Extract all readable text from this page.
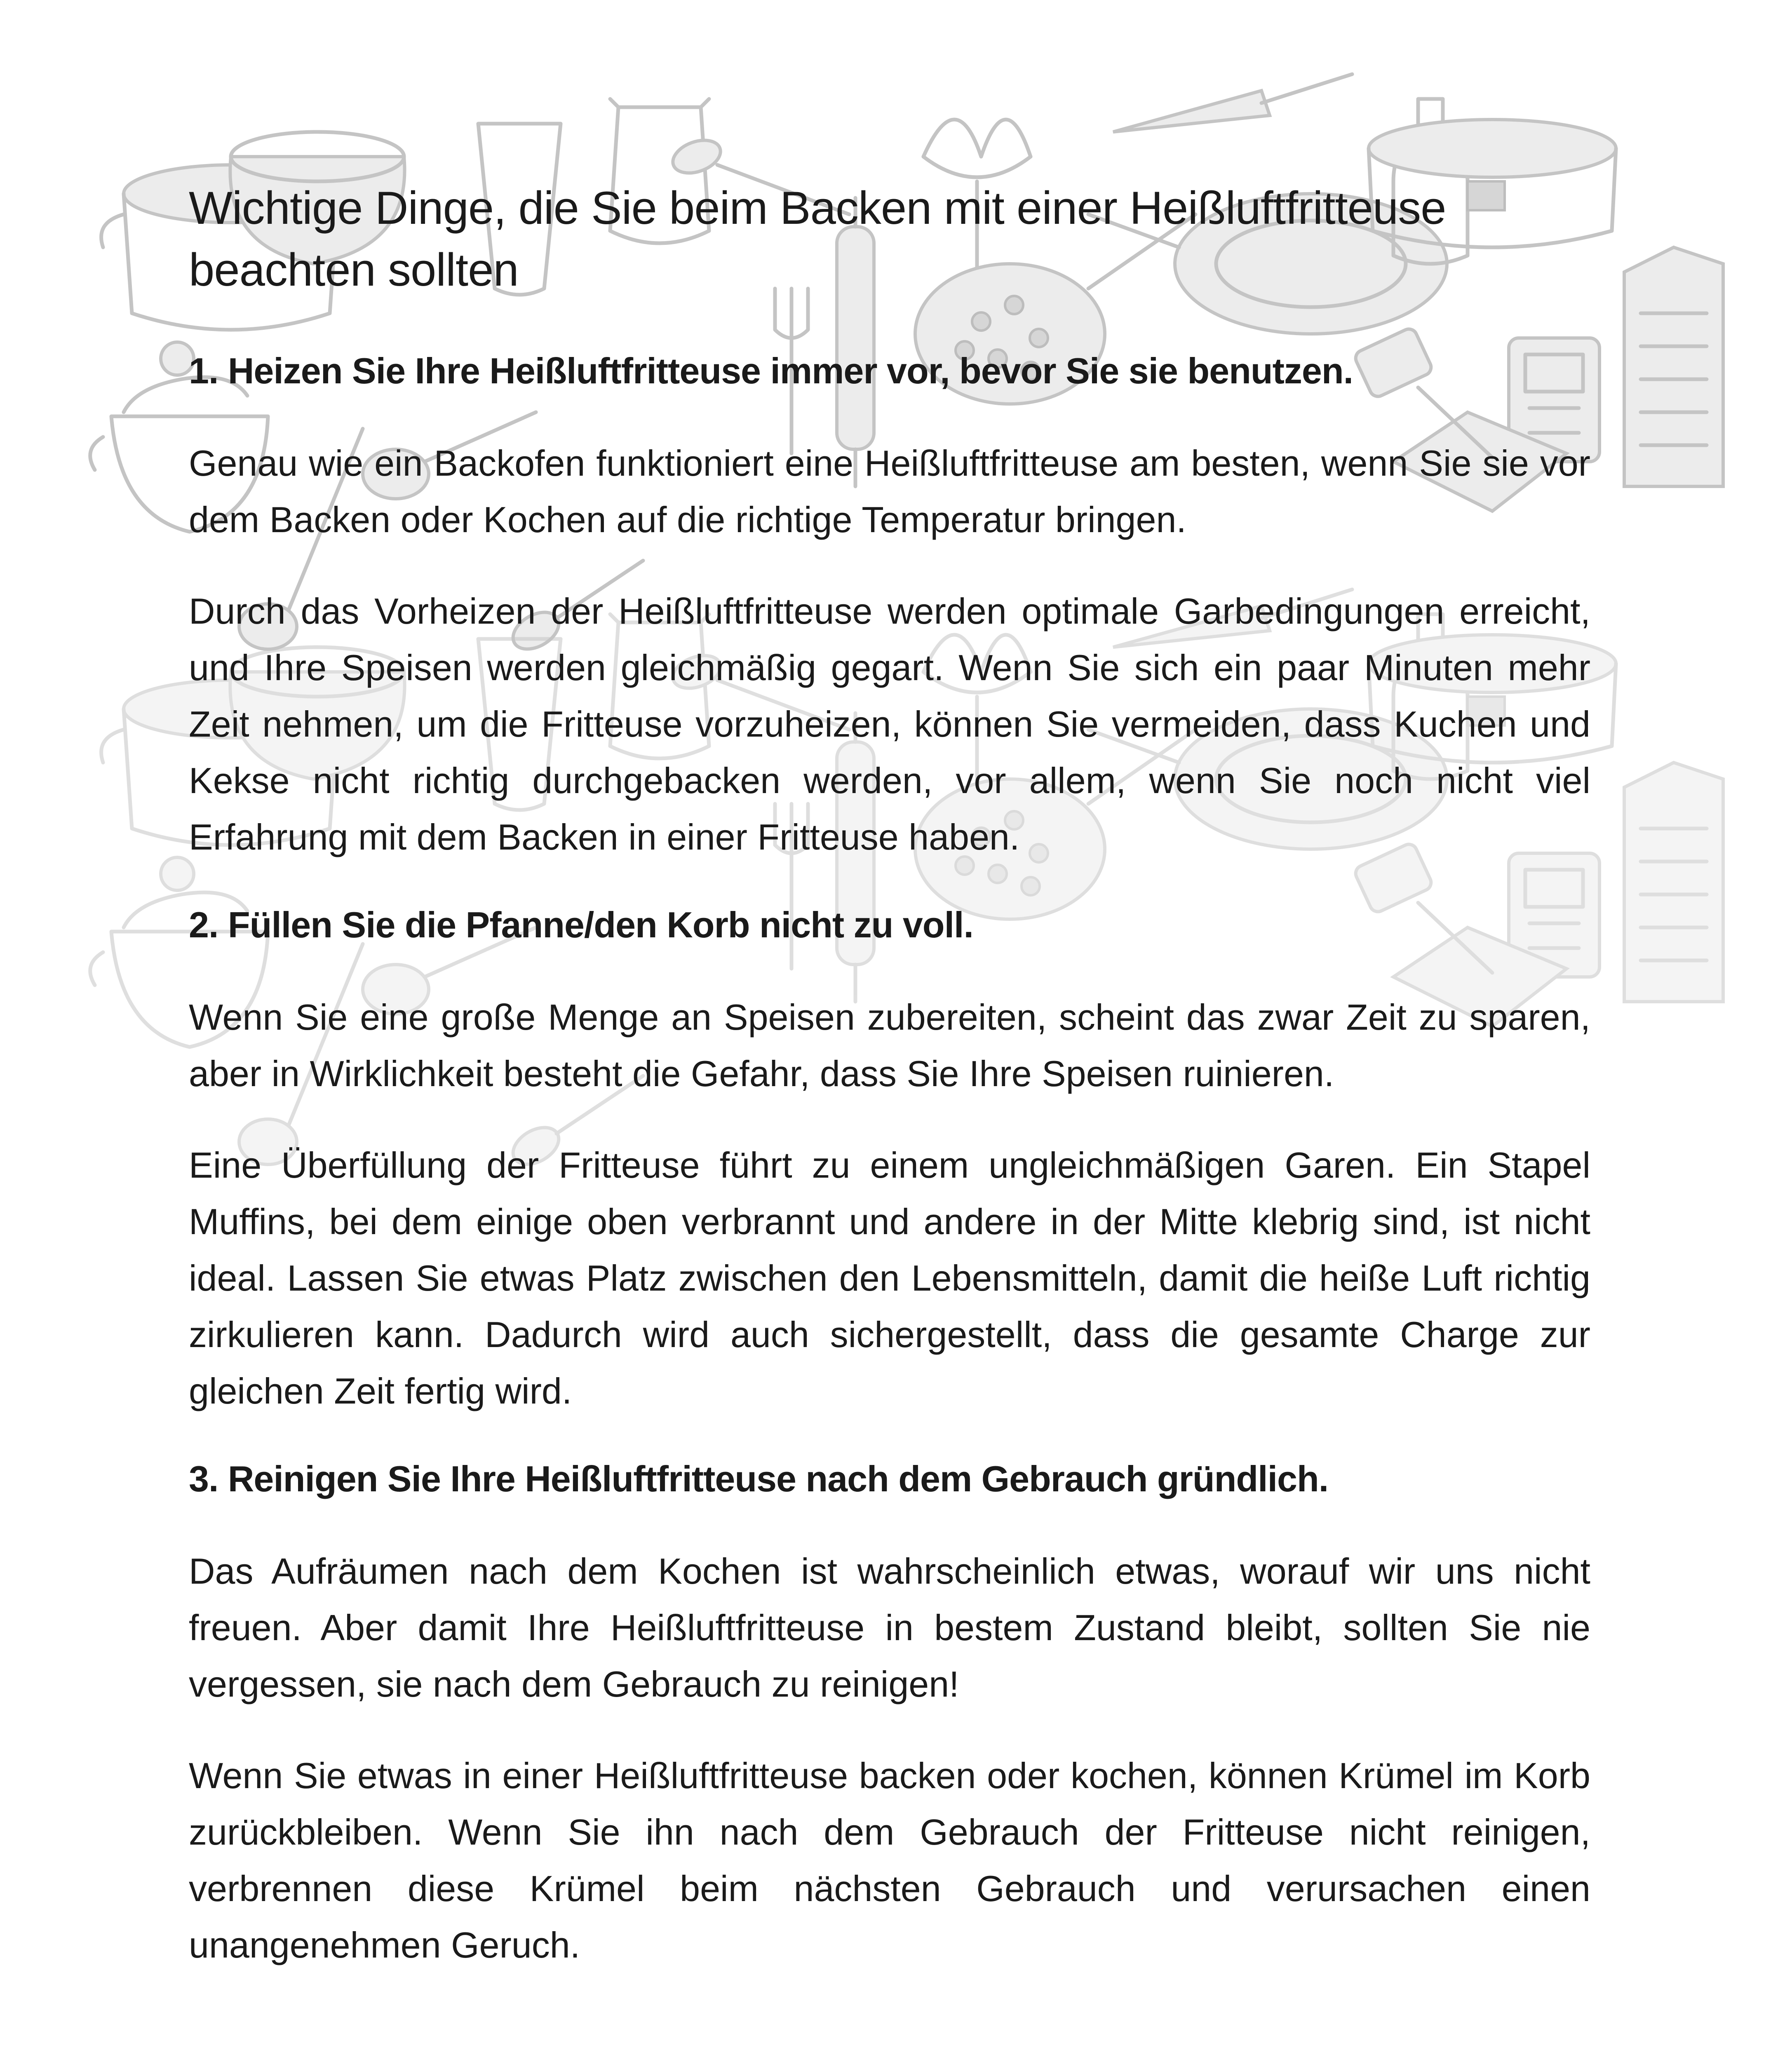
Wichtige Dinge, die Sie beim Backen mit einer Heißluftfritteuse beachten sollten
1. Heizen Sie Ihre Heißluftfritteuse immer vor, bevor Sie sie benutzen.

Genau wie ein Backofen funktioniert eine Heißluftfritteuse am besten, wenn Sie sie vor dem Backen oder Kochen auf die richtige Temperatur bringen.

Durch das Vorheizen der Heißluftfritteuse werden optimale Garbedingungen erreicht, und Ihre Speisen werden gleichmäßig gegart. Wenn Sie sich ein paar Minuten mehr Zeit nehmen, um die Fritteuse vorzuheizen, können Sie vermeiden, dass Kuchen und Kekse nicht richtig durchgebacken werden, vor allem, wenn Sie noch nicht viel Erfahrung mit dem Backen in einer Fritteuse haben.

2. Füllen Sie die Pfanne/den Korb nicht zu voll.

Wenn Sie eine große Menge an Speisen zubereiten, scheint das zwar Zeit zu sparen, aber in Wirklichkeit besteht die Gefahr, dass Sie Ihre Speisen ruinieren.

Eine Überfüllung der Fritteuse führt zu einem ungleichmäßigen Garen. Ein Stapel Muffins, bei dem einige oben verbrannt und andere in der Mitte klebrig sind, ist nicht ideal. Lassen Sie etwas Platz zwischen den Lebensmitteln, damit die heiße Luft richtig zirkulieren kann. Dadurch wird auch sichergestellt, dass die gesamte Charge zur gleichen Zeit fertig wird.

3. Reinigen Sie Ihre Heißluftfritteuse nach dem Gebrauch gründlich.

Das Aufräumen nach dem Kochen ist wahrscheinlich etwas, worauf wir uns nicht freuen. Aber damit Ihre Heißluftfritteuse in bestem Zustand bleibt, sollten Sie nie vergessen, sie nach dem Gebrauch zu reinigen!

Wenn Sie etwas in einer Heißluftfritteuse backen oder kochen, können Krümel im Korb zurückbleiben. Wenn Sie ihn nach dem Gebrauch der Fritteuse nicht reinigen, verbrennen diese Krümel beim nächsten Gebrauch und verursachen einen unangenehmen Geruch.
